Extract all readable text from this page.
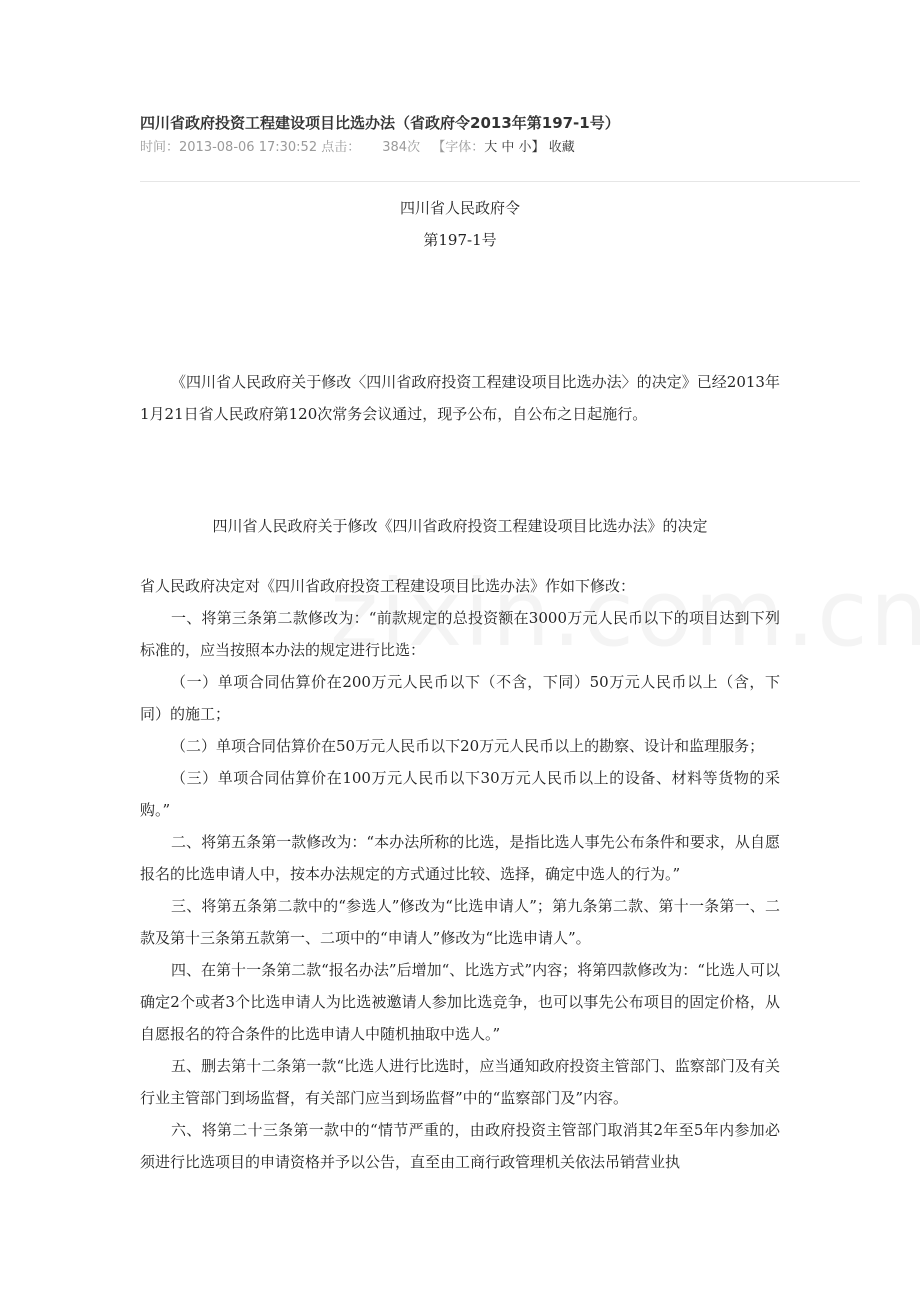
四川省政府投资工程建设项目比选办法（省政府令2013年第197-1号）
时间：2013-08-06 17:30:52 点击： 384次 【字体：大 中 小】 收藏

四川省人民政府令

第197-1号

《四川省人民政府关于修改〈四川省政府投资工程建设项目比选办法〉的决定》已经2013年1月21日省人民政府第120次常务会议通过，现予公布，自公布之日起施行。

四川省人民政府关于修改《四川省政府投资工程建设项目比选办法》的决定

省人民政府决定对《四川省政府投资工程建设项目比选办法》作如下修改：

一、将第三条第二款修改为：“前款规定的总投资额在3000万元人民币以下的项目达到下列标准的，应当按照本办法的规定进行比选：

（一）单项合同估算价在200万元人民币以下（不含，下同）50万元人民币以上（含，下同）的施工；

（二）单项合同估算价在50万元人民币以下20万元人民币以上的勘察、设计和监理服务；

（三）单项合同估算价在100万元人民币以下30万元人民币以上的设备、材料等货物的采购。”

二、将第五条第一款修改为：“本办法所称的比选，是指比选人事先公布条件和要求，从自愿报名的比选申请人中，按本办法规定的方式通过比较、选择，确定中选人的行为。”

三、将第五条第二款中的“参选人”修改为“比选申请人”；第九条第二款、第十一条第一、二款及第十三条第五款第一、二项中的“申请人”修改为“比选申请人”。

四、在第十一条第二款“报名办法”后增加“、比选方式”内容；将第四款修改为：“比选人可以确定2个或者3个比选申请人为比选被邀请人参加比选竞争，也可以事先公布项目的固定价格，从自愿报名的符合条件的比选申请人中随机抽取中选人。”

五、删去第十二条第一款“比选人进行比选时，应当通知政府投资主管部门、监察部门及有关行业主管部门到场监督，有关部门应当到场监督”中的“监察部门及”内容。

六、将第二十三条第一款中的“情节严重的，由政府投资主管部门取消其2年至5年内参加必须进行比选项目的申请资格并予以公告，直至由工商行政管理机关依法吊销营业执
